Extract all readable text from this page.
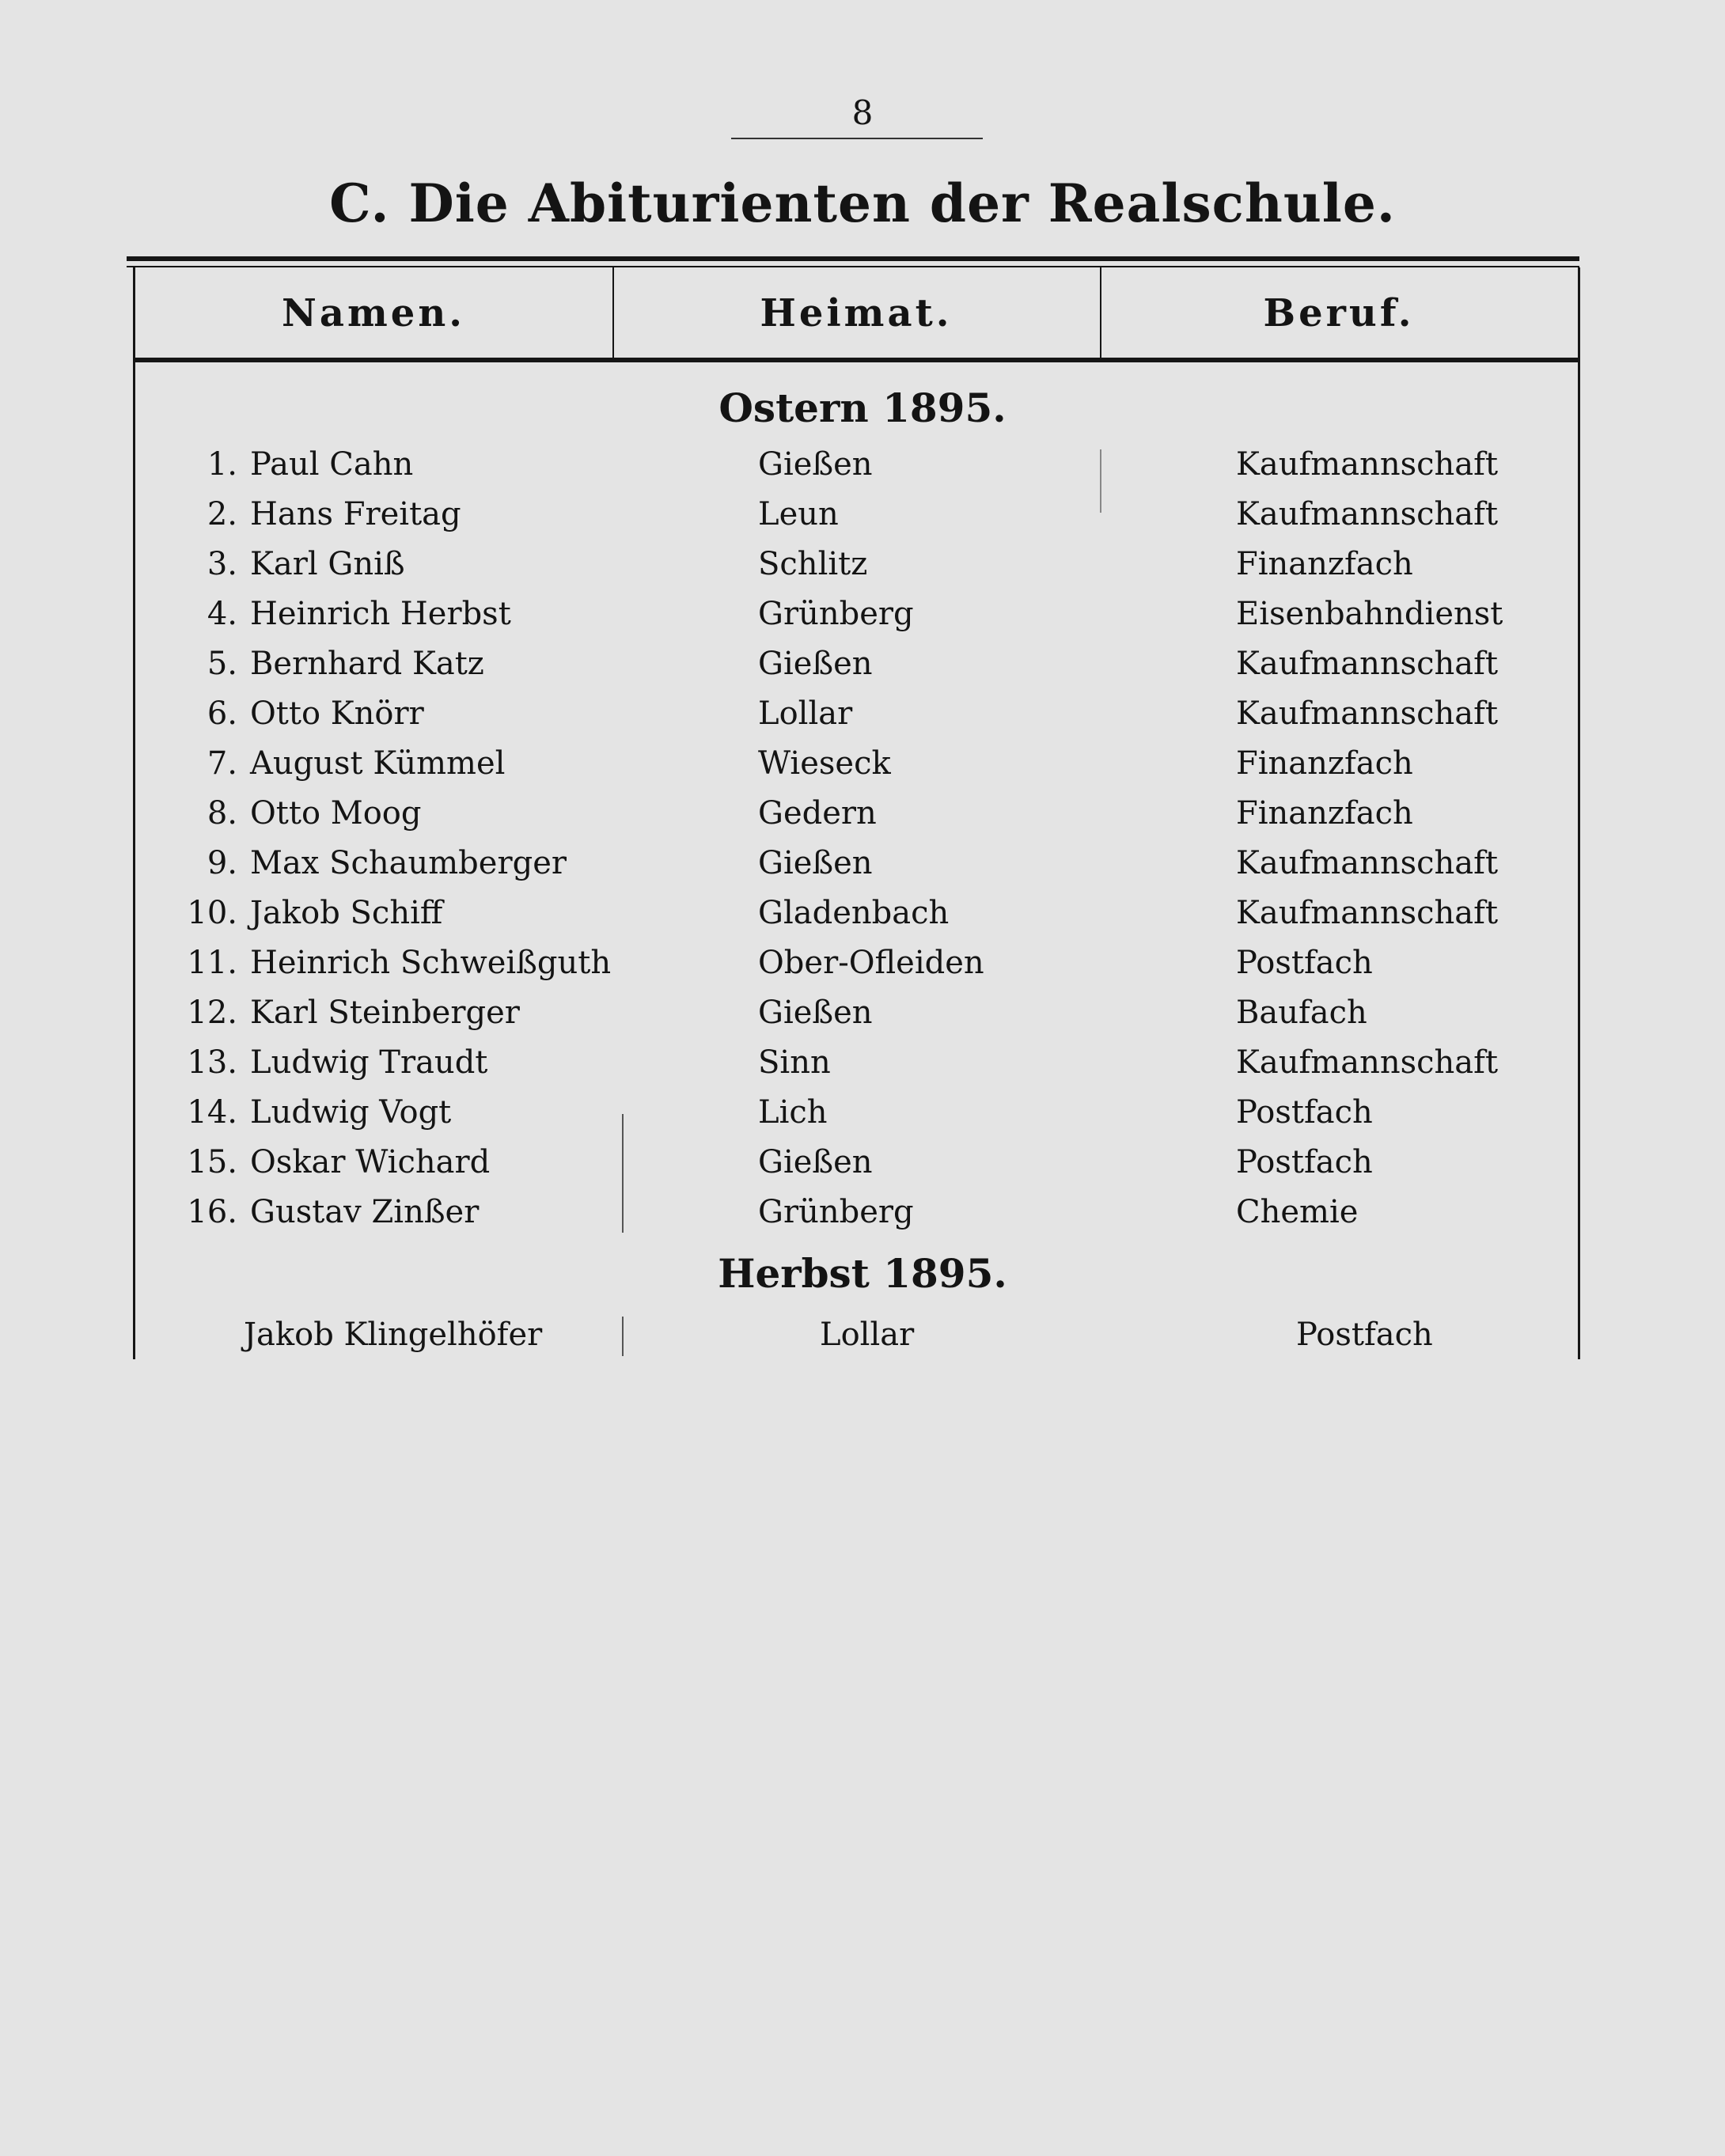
8
C. Die Abiturienten der Realschule.
Namen.	Heimat.	Beruf.
Ostern 1895.
1. Paul Cahn	Gießen	Kaufmannschaft
2. Hans Freitag	Leun	Kaufmannschaft
3. Karl Gniß	Schlitz	Finanzfach
4. Heinrich Herbst	Grünberg	Eisenbahndienst
5. Bernhard Katz	Gießen	Kaufmannschaft
6. Otto Knörr	Lollar	Kaufmannschaft
7. August Kümmel	Wieseck	Finanzfach
8. Otto Moog	Gedern	Finanzfach
9. Max Schaumberger	Gießen	Kaufmannschaft
10. Jakob Schiff	Gladenbach	Kaufmannschaft
11. Heinrich Schweißguth	Ober-Ofleiden	Postfach
12. Karl Steinberger	Gießen	Baufach
13. Ludwig Traudt	Sinn	Kaufmannschaft
14. Ludwig Vogt	Lich	Postfach
15. Oskar Wichard	Gießen	Postfach
16. Gustav Zinßer	Grünberg	Chemie
Herbst 1895.
Jakob Klingelhöfer	Lollar	Postfach
